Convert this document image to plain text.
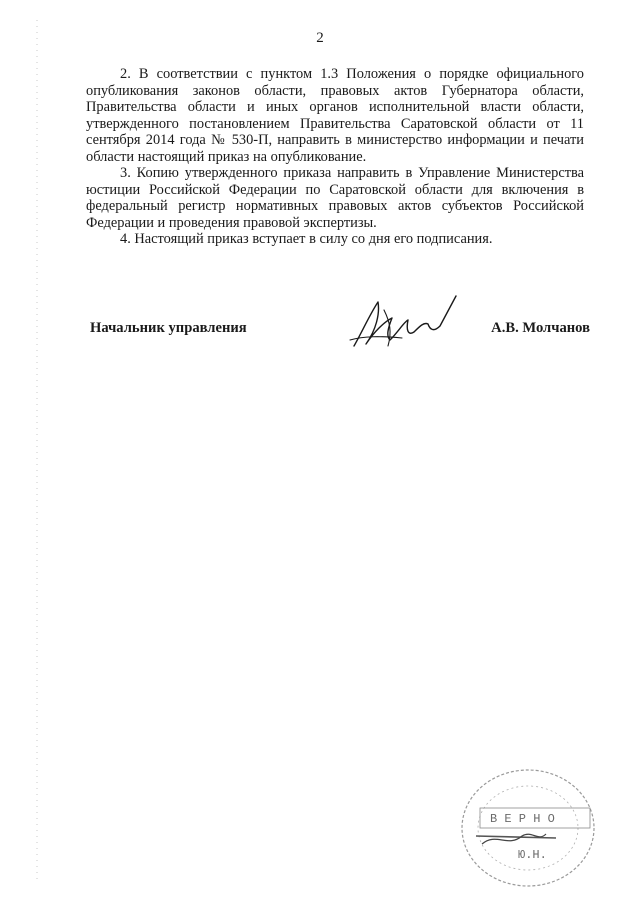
2

2. В соответствии с пунктом 1.3 Положения о порядке официального опубликования законов области, правовых актов Губернатора области, Правительства области и иных органов исполнительной власти области, утвержденного постановлением Правительства Саратовской области от 11 сентября 2014 года № 530-П, направить в министерство информации и печати области настоящий приказ на опубликование.

3. Копию утвержденного приказа направить в Управление Министерства юстиции Российской Федерации по Саратовской области для включения в федеральный регистр нормативных правовых актов субъектов Российской Федерации и проведения правовой экспертизы.

4. Настоящий приказ вступает в силу со дня его подписания.

Начальник управления	А.В. Молчанов
В Е Р Н О
Ю.Н.
